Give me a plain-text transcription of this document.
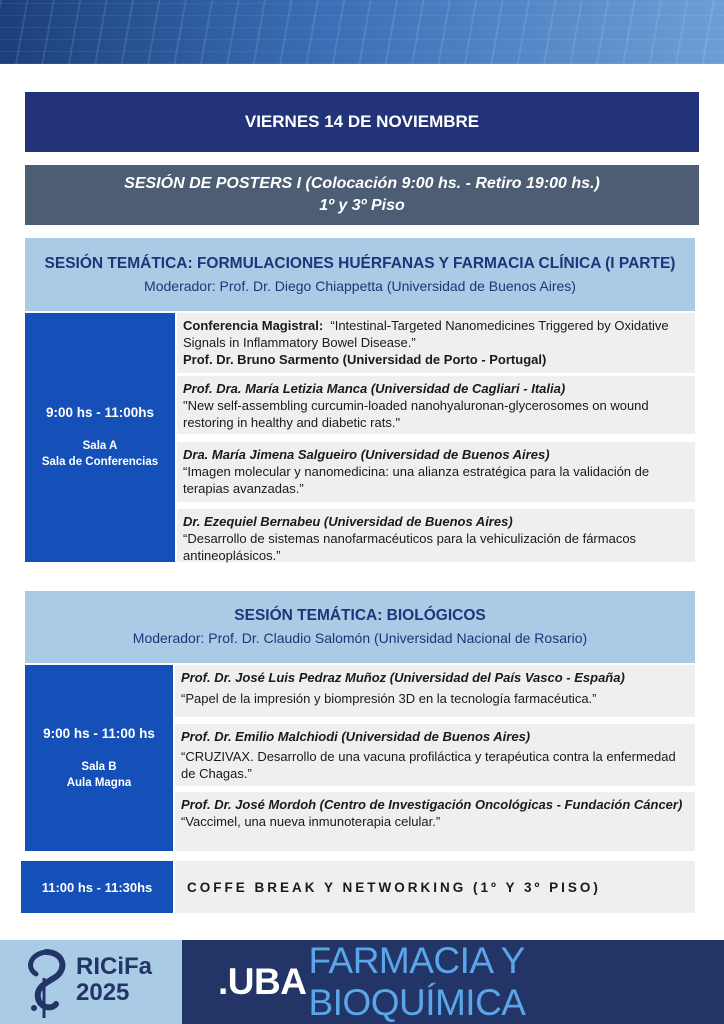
VIERNES 14 DE NOVIEMBRE
SESIÓN DE POSTERS I (Colocación 9:00 hs. - Retiro 19:00 hs.)
1º y 3º Piso
SESIÓN TEMÁTICA: FORMULACIONES HUÉRFANAS Y FARMACIA CLÍNICA (I PARTE)
Moderador: Prof. Dr. Diego Chiappetta (Universidad de Buenos Aires)
9:00 hs - 11:00hs
Sala A
Sala de Conferencias
Conferencia Magistral: “Intestinal-Targeted Nanomedicines Triggered by Oxidative Signals in Inflammatory Bowel Disease.”
Prof. Dr. Bruno Sarmento (Universidad de Porto - Portugal)
Prof. Dra. María Letizia Manca (Universidad de Cagliari - Italia)
"New self-assembling curcumin-loaded nanohyaluronan-glycerosomes on wound restoring in healthy and diabetic rats."
Dra. María Jimena Salgueiro (Universidad de Buenos Aires)
“Imagen molecular y nanomedicina: una alianza estratégica para la validación de terapias avanzadas.”
Dr. Ezequiel Bernabeu (Universidad de Buenos Aires)
“Desarrollo de sistemas nanofarmacéuticos para la vehiculización de fármacos antineoplásicos.”
SESIÓN TEMÁTICA: BIOLÓGICOS
Moderador: Prof. Dr. Claudio Salomón (Universidad Nacional de Rosario)
9:00 hs - 11:00 hs
Sala B
Aula Magna
Prof. Dr. José Luis Pedraz Muñoz (Universidad del País Vasco - España)
“Papel de la impresión y biompresión 3D en la tecnología farmacéutica.”
Prof. Dr. Emilio Malchiodi (Universidad de Buenos Aires)
“CRUZIVAX. Desarrollo de una vacuna profiláctica y terapéutica contra la enfermedad de Chagas.”
Prof. Dr. José Mordoh (Centro de Investigación Oncológicas - Fundación Cáncer)
“Vaccimel, una nueva inmunoterapia celular.”
11:00 hs - 11:30hs	COFFE BREAK Y NETWORKING (1º Y 3º PISO)
RICiFa
2025	.UBA
FARMACIA Y BIOQUÍMICA
